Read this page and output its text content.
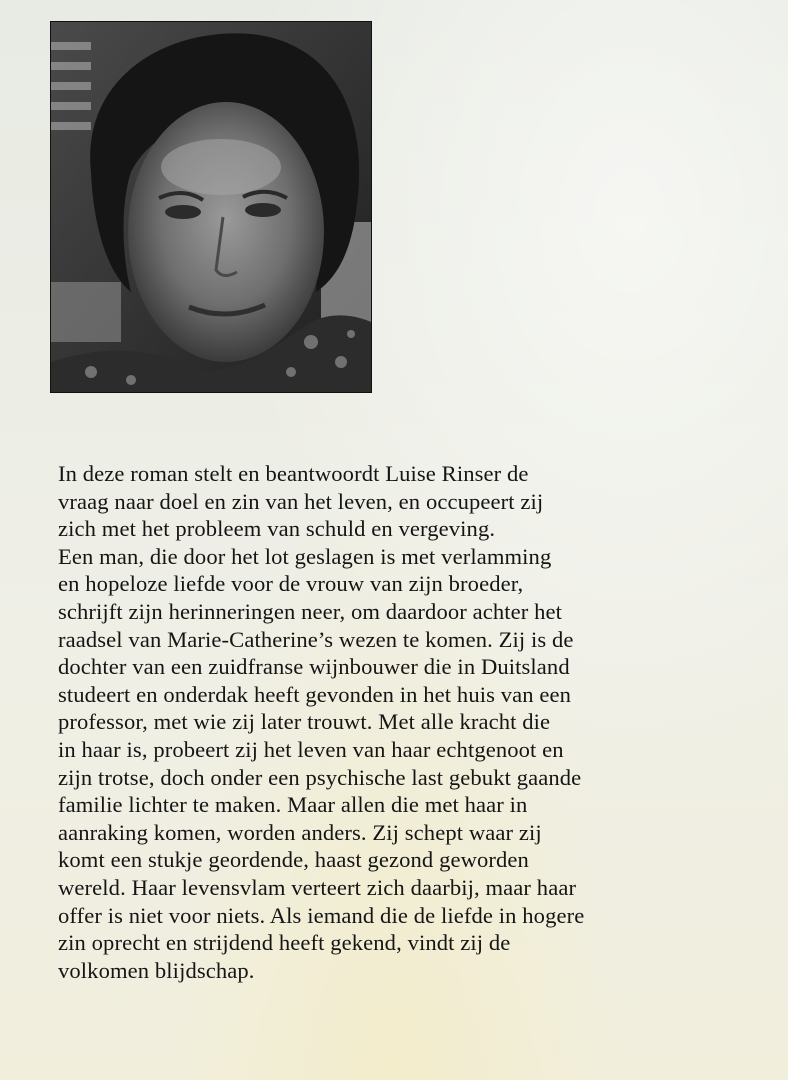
In deze roman stelt en beantwoordt Luise Rinser de
vraag naar doel en zin van het leven, en occupeert zij
zich met het probleem van schuld en vergeving.
Een man, die door het lot geslagen is met verlamming
en hopeloze liefde voor de vrouw van zijn broeder,
schrijft zijn herinneringen neer, om daardoor achter het
raadsel van Marie-Catherine’s wezen te komen. Zij is de
dochter van een zuidfranse wijnbouwer die in Duitsland
studeert en onderdak heeft gevonden in het huis van een
professor, met wie zij later trouwt. Met alle kracht die
in haar is, probeert zij het leven van haar echtgenoot en
zijn trotse, doch onder een psychische last gebukt gaande
familie lichter te maken. Maar allen die met haar in
aanraking komen, worden anders. Zij schept waar zij
komt een stukje geordende, haast gezond geworden
wereld. Haar levensvlam verteert zich daarbij, maar haar
offer is niet voor niets. Als iemand die de liefde in hogere
zin oprecht en strijdend heeft gekend, vindt zij de
volkomen blijdschap.
